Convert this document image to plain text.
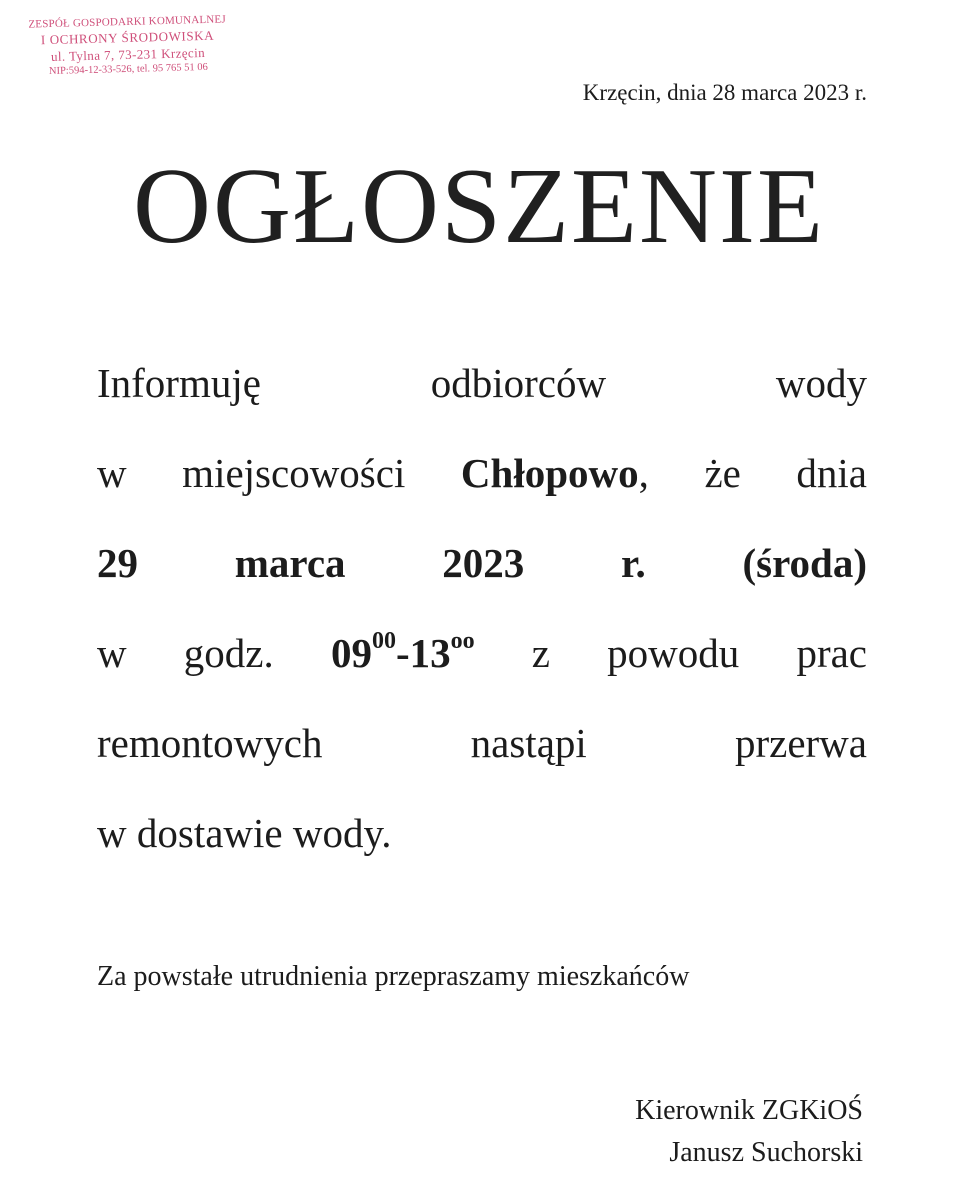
ZESPÓŁ GOSPODARKI KOMUNALNEJ
I OCHRONY ŚRODOWISKA
ul. Tylna 7, 73-231 Krzęcin
NIP:594-12-33-526, tel. 95 765 51 06
Krzęcin, dnia 28 marca 2023 r.
OGŁOSZENIE
Informuję odbiorców wody
w miejscowości Chłopowo, że dnia
29 marca 2023 r. (środa)
w godz. $09^{00}-13^{oo}$ z powodu prac
remontowych nastąpi przerwa
w dostawie wody.
Za powstałe utrudnienia przepraszamy mieszkańców
Kierownik ZGKiOŚ
Janusz Suchorski
